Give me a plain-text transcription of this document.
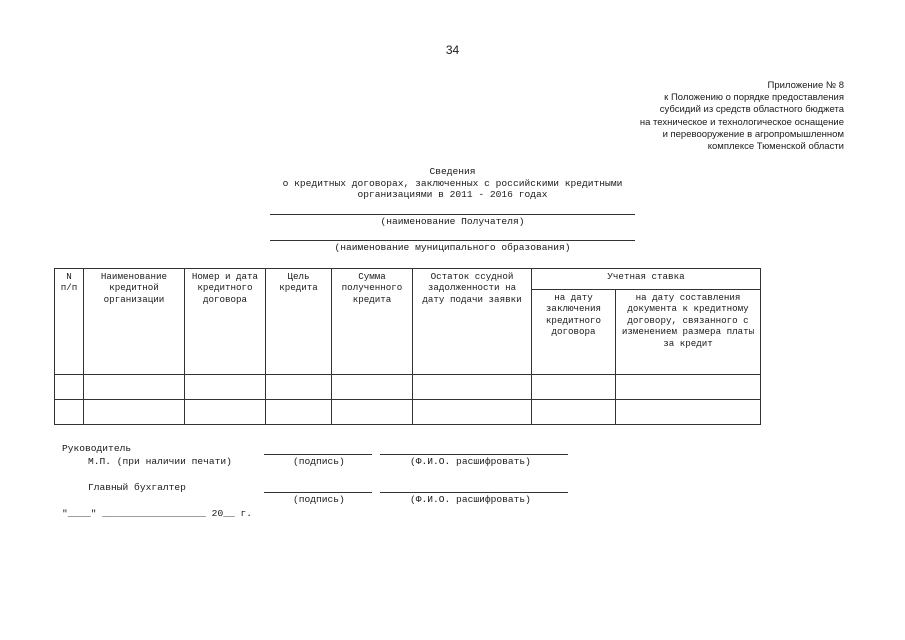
34
Приложение № 8
к Положению о порядке предоставления
субсидий из средств областного бюджета
на техническое и технологическое оснащение
и перевооружение в агропромышленном
комплексе Тюменской области
Сведения
о кредитных договорах, заключенных с российскими кредитными
организациями в 2011 - 2016 годах
(наименование Получателя)
(наименование муниципального образования)
N п/п	Наименование кредитной организации	Номер и дата кредитного договора	Цель кредита	Сумма полученного кредита	Остаток ссудной задолженности на дату подачи заявки	Учетная ставка	
						на дату заключения кредитного договора	на дату составления документа к кредитному договору, связанного с изменением размера платы за кредит

Руководитель
М.П. (при наличии печати)	(подпись)	(Ф.И.О. расшифровать)
Главный бухгалтер
(подпись)	(Ф.И.О. расшифровать)
"____" __________________ 20__ г.
